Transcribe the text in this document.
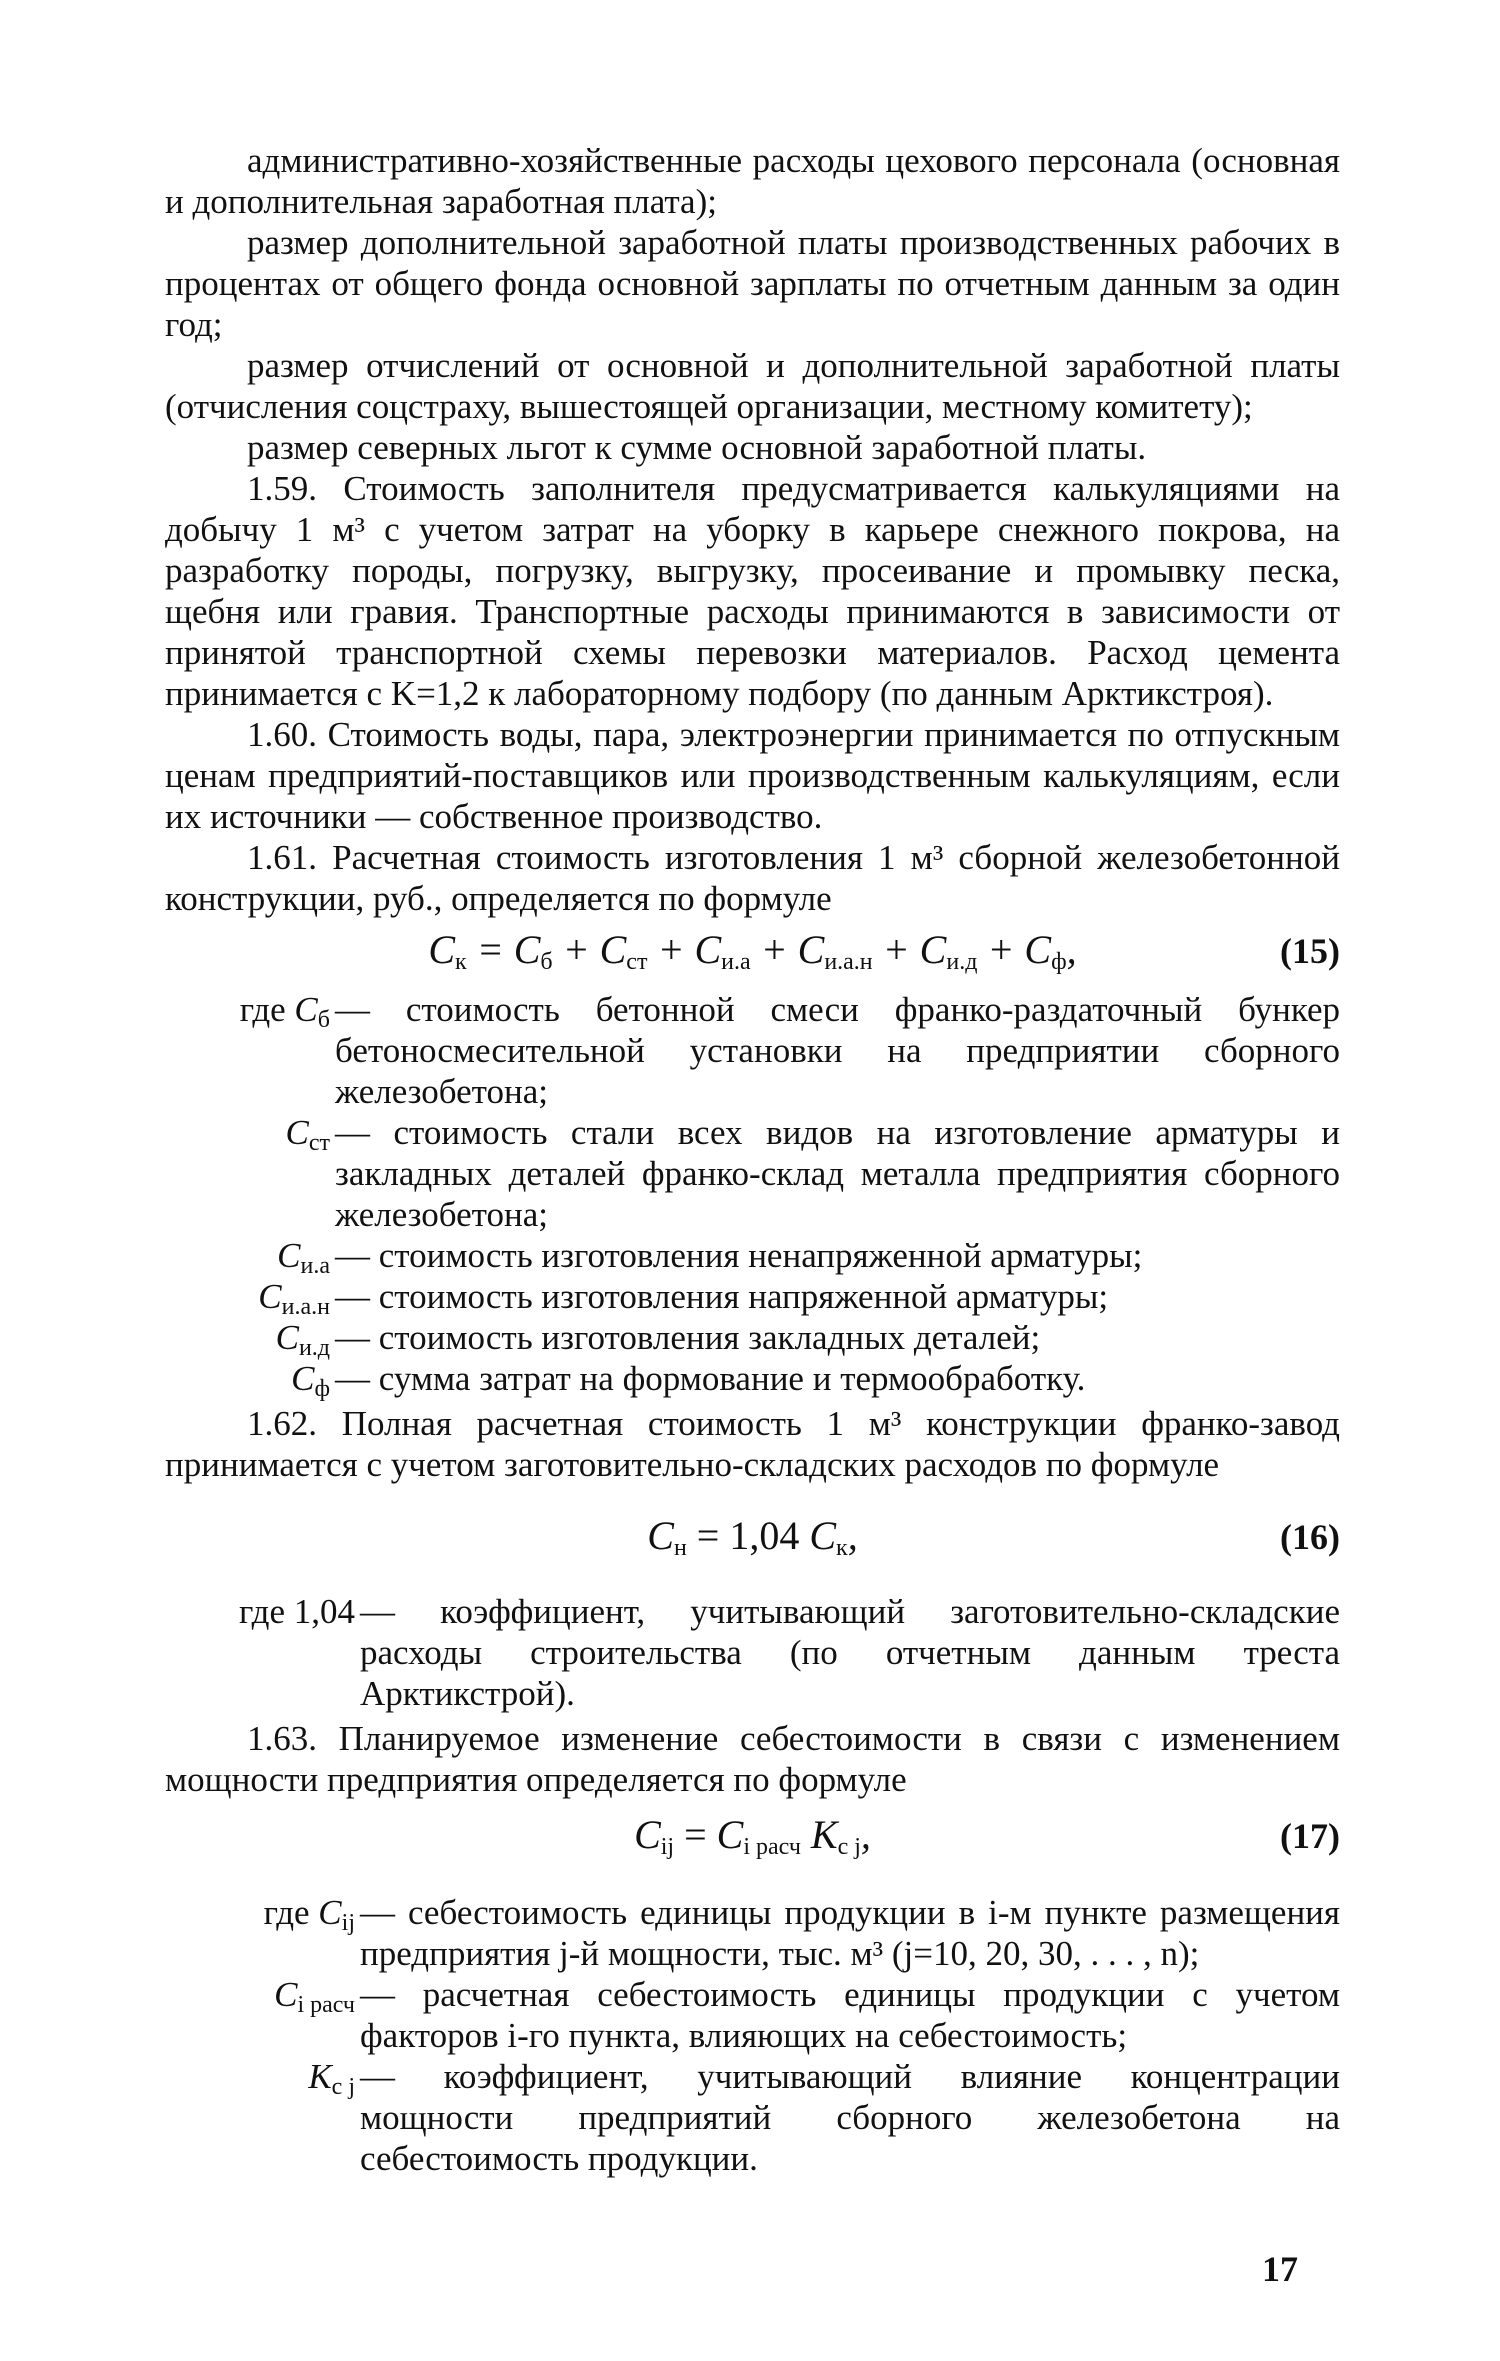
административно-хозяйственные расходы цехового персонала (основная и дополнительная заработная плата);

размер дополнительной заработной платы производственных рабочих в процентах от общего фонда основной зарплаты по отчетным данным за один год;

размер отчислений от основной и дополнительной заработной платы (отчисления соцстраху, вышестоящей организации, местному комитету);

размер северных льгот к сумме основной заработной платы.

1.59. Стоимость заполнителя предусматривается калькуляциями на добычу 1 м³ с учетом затрат на уборку в карьере снежного покрова, на разработку породы, погрузку, выгрузку, просеивание и промывку песка, щебня или гравия. Транспортные расходы принимаются в зависимости от принятой транспортной схемы перевозки материалов. Расход цемента принимается с K=1,2 к лабораторному подбору (по данным Арктикстроя).

1.60. Стоимость воды, пара, электроэнергии принимается по отпускным ценам предприятий-поставщиков или производственным калькуляциям, если их источники — собственное производство.

1.61. Расчетная стоимость изготовления 1 м³ сборной железобетонной конструкции, руб., определяется по формуле

$C_к = C_б + C_{ст} + C_{и.а} + C_{и.а.н} + C_{и.д} + C_ф$,	(15)
где $C_б$ — стоимость бетонной смеси франко-раздаточный бункер бетоносмесительной установки на предприятии сборного железобетона;
$C_{ст}$ — стоимость стали всех видов на изготовление арматуры и закладных деталей франко-склад металла предприятия сборного железобетона;
$C_{и.а}$ — стоимость изготовления ненапряженной арматуры;
$C_{и.а.н}$ — стоимость изготовления напряженной арматуры;
$C_{и.д}$ — стоимость изготовления закладных деталей;
$C_ф$ — сумма затрат на формование и термообработку.

1.62. Полная расчетная стоимость 1 м³ конструкции франко-завод принимается с учетом заготовительно-складских расходов по формуле

$C_н = 1,04$ $C_к$,	(16)
где 1,04 — коэффициент, учитывающий заготовительно-складские расходы строительства (по отчетным данным треста Арктикстрой).

1.63. Планируемое изменение себестоимости в связи с изменением мощности предприятия определяется по формуле

$C_{ij} = C_{i расч}$ $K_{c j}$,	(17)
где $C_{ij}$ — себестоимость единицы продукции в i-м пункте размещения предприятия j-й мощности, тыс. м³ (j=10, 20, 30, . . . , n);
$C_{i расч}$ — расчетная себестоимость единицы продукции с учетом факторов i-го пункта, влияющих на себестоимость;
$K_{c j}$ — коэффициент, учитывающий влияние концентрации мощности предприятий сборного железобетона на себестоимость продукции.
17
